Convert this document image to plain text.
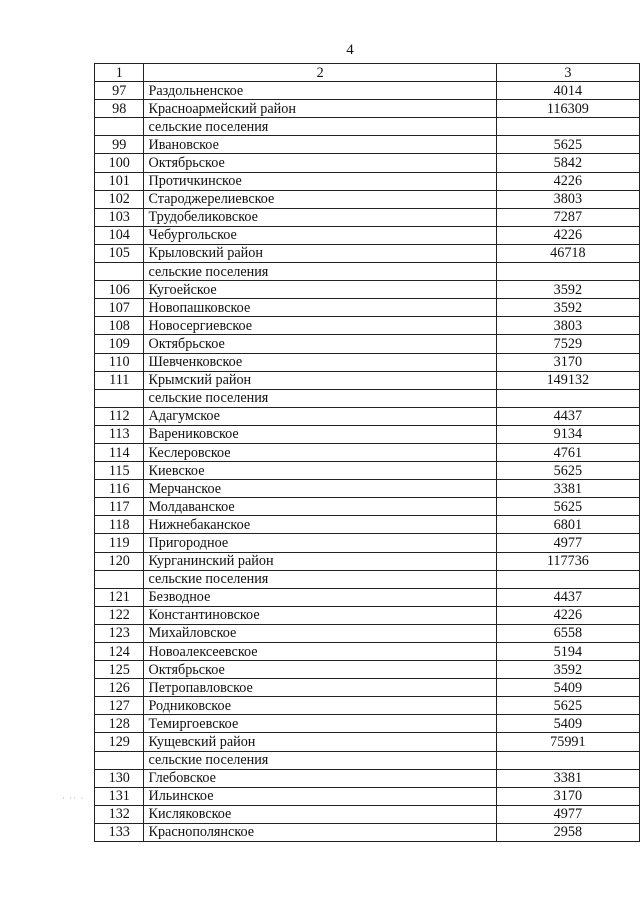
4
1	2	3
97	Раздольненское	4014
98	Красноармейский район	116309
	сельские поселения	
99	Ивановское	5625
100	Октябрьское	5842
101	Протичкинское	4226
102	Староджерелиевское	3803
103	Трудобеликовское	7287
104	Чебургольское	4226
105	Крыловский район	46718
	сельские поселения	
106	Кугоейское	3592
107	Новопашковское	3592
108	Новосергиевское	3803
109	Октябрьское	7529
110	Шевченковское	3170
111	Крымский район	149132
	сельские поселения	
112	Адагумское	4437
113	Варениковское	9134
114	Кеслеровское	4761
115	Киевское	5625
116	Мерчанское	3381
117	Молдаванское	5625
118	Нижнебаканское	6801
119	Пригородное	4977
120	Курганинский район	117736
	сельские поселения	
121	Безводное	4437
122	Константиновское	4226
123	Михайловское	6558
124	Новоалексеевское	5194
125	Октябрьское	3592
126	Петропавловское	5409
127	Родниковское	5625
128	Темиргоевское	5409
129	Кущевский район	75991
	сельские поселения	
130	Глебовское	3381
131	Ильинское	3170
132	Кисляковское	4977
133	Краснополянское	2958
· ·· ·
